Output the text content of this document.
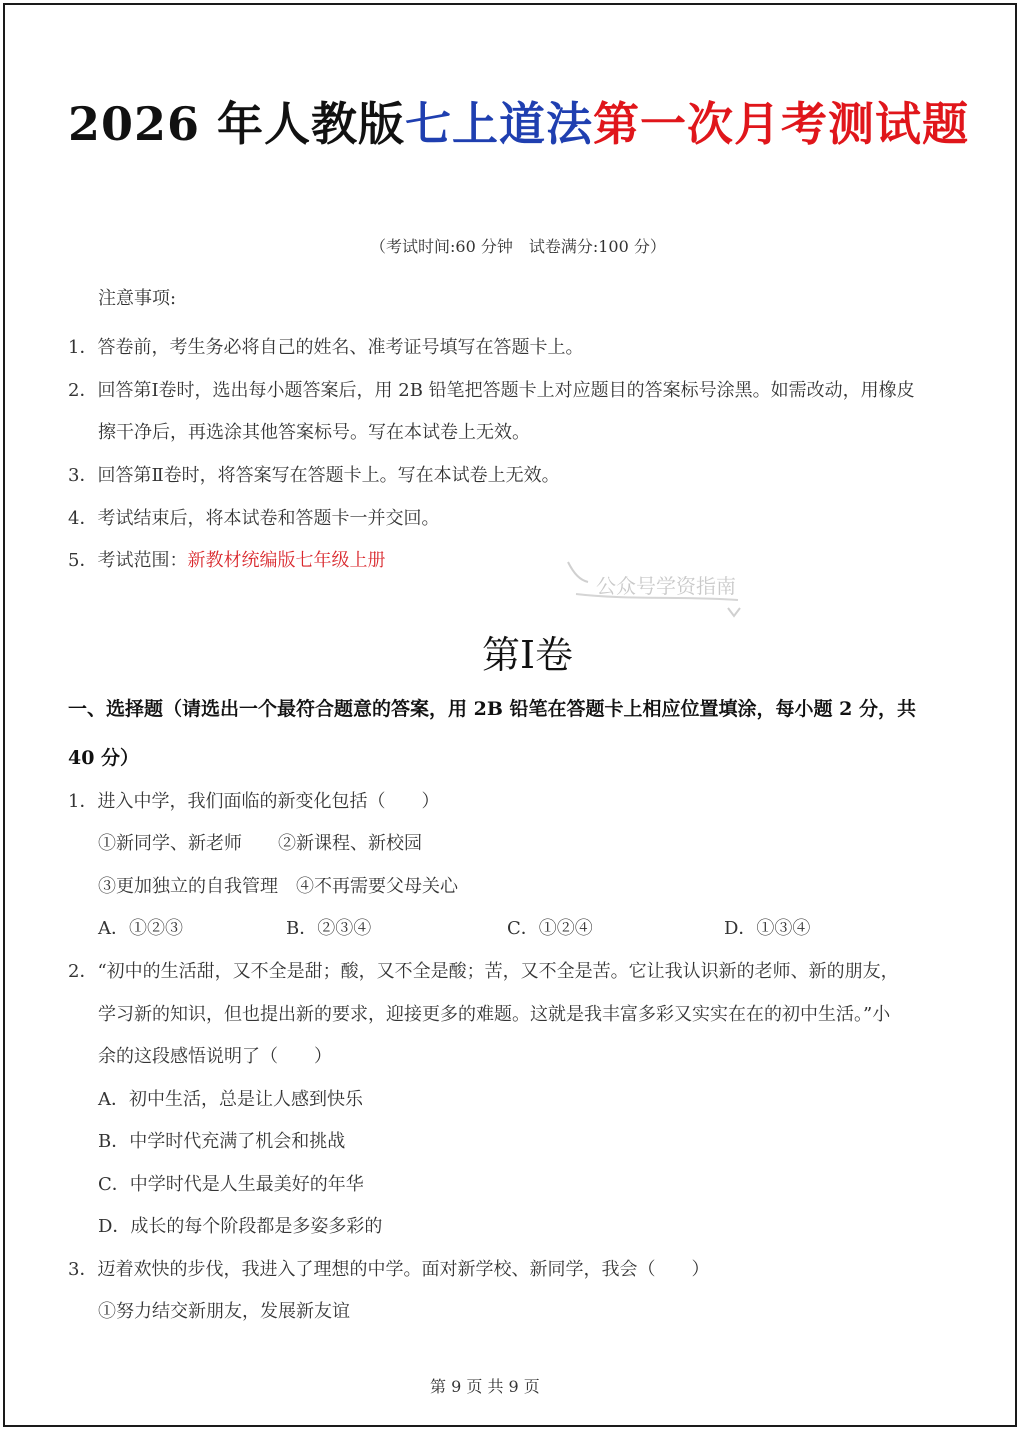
2026 年人教版七上道法第一次月考测试题
（考试时间:60 分钟　试卷满分:100 分）
注意事项:
1．答卷前，考生务必将自己的姓名、准考证号填写在答题卡上。
2．回答第Ⅰ卷时，选出每小题答案后，用 2B 铅笔把答题卡上对应题目的答案标号涂黑。如需改动，用橡皮
擦干净后，再选涂其他答案标号。写在本试卷上无效。
3．回答第Ⅱ卷时，将答案写在答题卡上。写在本试卷上无效。
4．考试结束后，将本试卷和答题卡一并交回。
5．考试范围：新教材统编版七年级上册
公众号学资指南
第Ⅰ卷
一、选择题（请选出一个最符合题意的答案，用 2B 铅笔在答题卡上相应位置填涂，每小题 2 分，共
40 分）
1．进入中学，我们面临的新变化包括（　　）
①新同学、新老师　　②新课程、新校园
③更加独立的自我管理　④不再需要父母关心
A．①②③	B．②③④	C．①②④	D．①③④
2．“初中的生活甜，又不全是甜；酸，又不全是酸；苦，又不全是苦。它让我认识新的老师、新的朋友，
学习新的知识，但也提出新的要求，迎接更多的难题。这就是我丰富多彩又实实在在的初中生活。”小
余的这段感悟说明了（　　）
A．初中生活，总是让人感到快乐
B．中学时代充满了机会和挑战
C．中学时代是人生最美好的年华
D．成长的每个阶段都是多姿多彩的
3．迈着欢快的步伐，我进入了理想的中学。面对新学校、新同学，我会（　　）
①努力结交新朋友，发展新友谊
第 9 页 共 9 页
